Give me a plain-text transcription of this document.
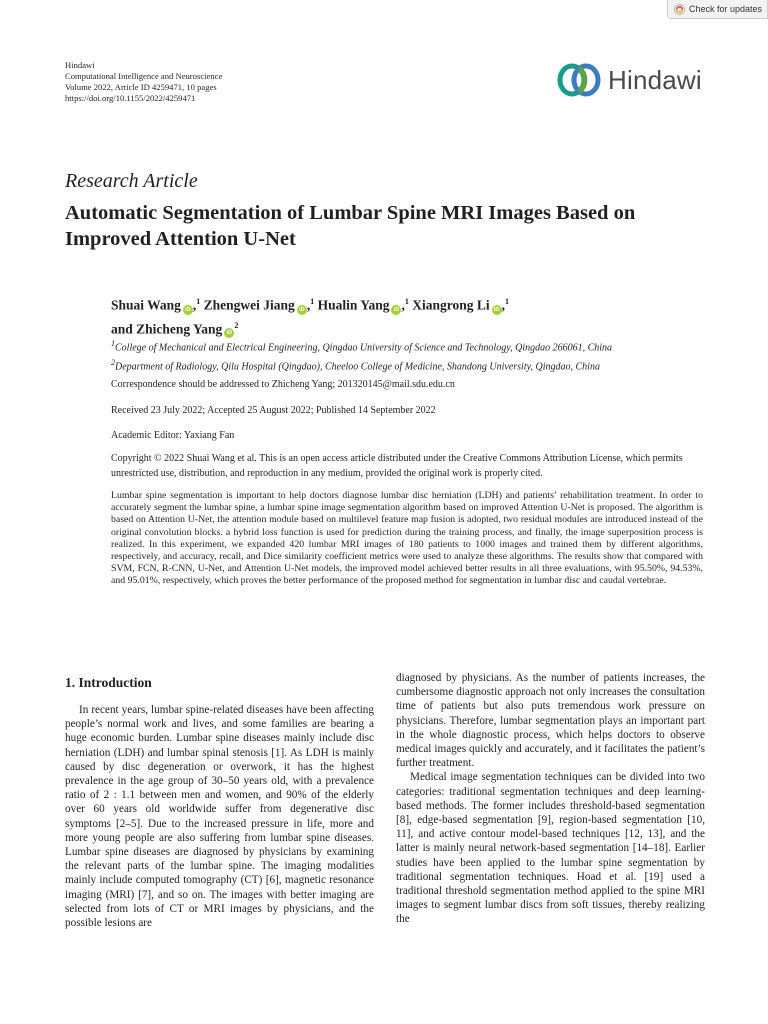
Check for updates
Hindawi
Computational Intelligence and Neuroscience
Volume 2022, Article ID 4259471, 10 pages
https://doi.org/10.1155/2022/4259471
Hindawi
Research Article
Automatic Segmentation of Lumbar Spine MRI Images Based on Improved Attention U-Net
Shuai Wang iD ,$^1$ Zhengwei Jiang iD ,$^1$ Hualin Yang iD ,$^1$ Xiangrong Li iD ,$^1$
and Zhicheng Yang $iD^2$
$^1$College of Mechanical and Electrical Engineering, Qingdao University of Science and Technology, Qingdao 266061, China
$^2$Department of Radiology, Qilu Hospital (Qingdao), Cheeloo College of Medicine, Shandong University, Qingdao, China
Correspondence should be addressed to Zhicheng Yang; 201320145@mail.sdu.edu.cn
Received 23 July 2022; Accepted 25 August 2022; Published 14 September 2022
Academic Editor: Yaxiang Fan
Copyright © 2022 Shuai Wang et al. This is an open access article distributed under the Creative Commons Attribution License, which permits unrestricted use, distribution, and reproduction in any medium, provided the original work is properly cited.
Lumbar spine segmentation is important to help doctors diagnose lumbar disc herniation (LDH) and patients’ rehabilitation treatment. In order to accurately segment the lumbar spine, a lumbar spine image segmentation algorithm based on improved Attention U-Net is proposed. The algorithm is based on Attention U-Net, the attention module based on multilevel feature map fusion is adopted, two residual modules are introduced instead of the original convolution blocks. a hybrid loss function is used for prediction during the training process, and finally, the image superposition process is realized. In this experiment, we expanded 420 lumbar MRI images of 180 patients to 1000 images and trained them by different algorithms, respectively, and accuracy, recall, and Dice similarity coefficient metrics were used to analyze these algorithms. The results show that compared with SVM, FCN, R-CNN, U-Net, and Attention U-Net models, the improved model achieved better results in all three evaluations, with 95.50%, 94.53%, and 95.01%, respectively, which proves the better performance of the proposed method for segmentation in lumbar disc and caudal vertebrae.
1. Introduction

In recent years, lumbar spine-related diseases have been affecting people’s normal work and lives, and some families are bearing a huge economic burden. Lumbar spine diseases mainly include disc herniation (LDH) and lumbar spinal stenosis [1]. As LDH is mainly caused by disc degeneration or overwork, it has the highest prevalence in the age group of 30–50 years old, with a prevalence ratio of 2 : 1.1 between men and women, and 90% of the elderly over 60 years old worldwide suffer from degenerative disc symptoms [2–5]. Due to the increased pressure in life, more and more young people are also suffering from lumbar spine diseases. Lumbar spine diseases are diagnosed by physicians by examining the relevant parts of the lumbar spine. The imaging modalities mainly include computed tomography (CT) [6], magnetic resonance imaging (MRI) [7], and so on. The images with better imaging are selected from lots of CT or MRI images by physicians, and the possible lesions are

diagnosed by physicians. As the number of patients increases, the cumbersome diagnostic approach not only increases the consultation time of patients but also puts tremendous work pressure on physicians. Therefore, lumbar segmentation plays an important part in the whole diagnostic process, which helps doctors to observe medical images quickly and accurately, and it facilitates the patient’s further treatment.

Medical image segmentation techniques can be divided into two categories: traditional segmentation techniques and deep learning-based methods. The former includes threshold-based segmentation [8], edge-based segmentation [9], region-based segmentation [10, 11], and active contour model-based techniques [12, 13], and the latter is mainly neural network-based segmentation [14–18]. Earlier studies have been applied to the lumbar spine segmentation by traditional segmentation techniques. Hoad et al. [19] used a traditional threshold segmentation method applied to the spine MRI images to segment lumbar discs from soft tissues, thereby realizing the
